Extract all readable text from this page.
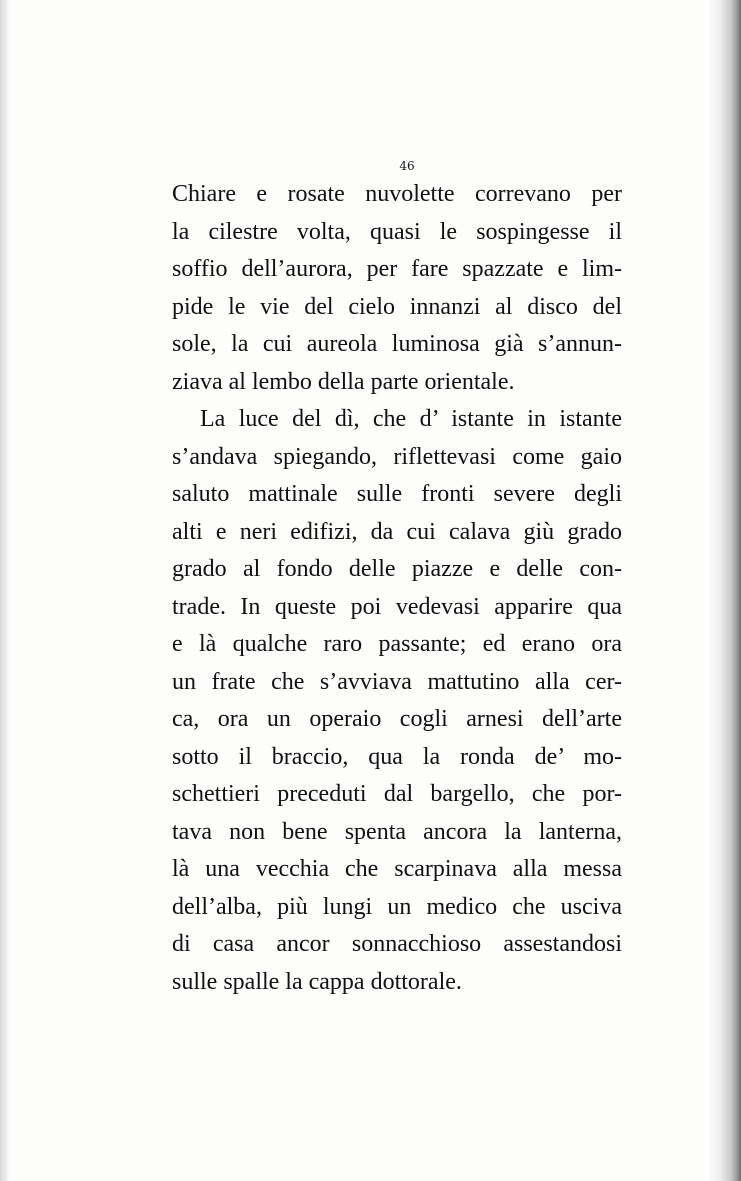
46
Chiare e rosate nuvolette correvano per
la cilestre volta, quasi le sospingesse il
soffio dell’aurora, per fare spazzate e lim-
pide le vie del cielo innanzi al disco del
sole, la cui aureola luminosa già s’annun-
ziava al lembo della parte orientale.
La luce del dì, che d’ istante in istante
s’andava spiegando, riflettevasi come gaio
saluto mattinale sulle fronti severe degli
alti e neri edifizi, da cui calava giù grado
grado al fondo delle piazze e delle con-
trade. In queste poi vedevasi apparire qua
e là qualche raro passante; ed erano ora
un frate che s’avviava mattutino alla cer-
ca, ora un operaio cogli arnesi dell’arte
sotto il braccio, qua la ronda de’ mo-
schettieri preceduti dal bargello, che por-
tava non bene spenta ancora la lanterna,
là una vecchia che scarpinava alla messa
dell’alba, più lungi un medico che usciva
di casa ancor sonnacchioso assestandosi
sulle spalle la cappa dottorale.
